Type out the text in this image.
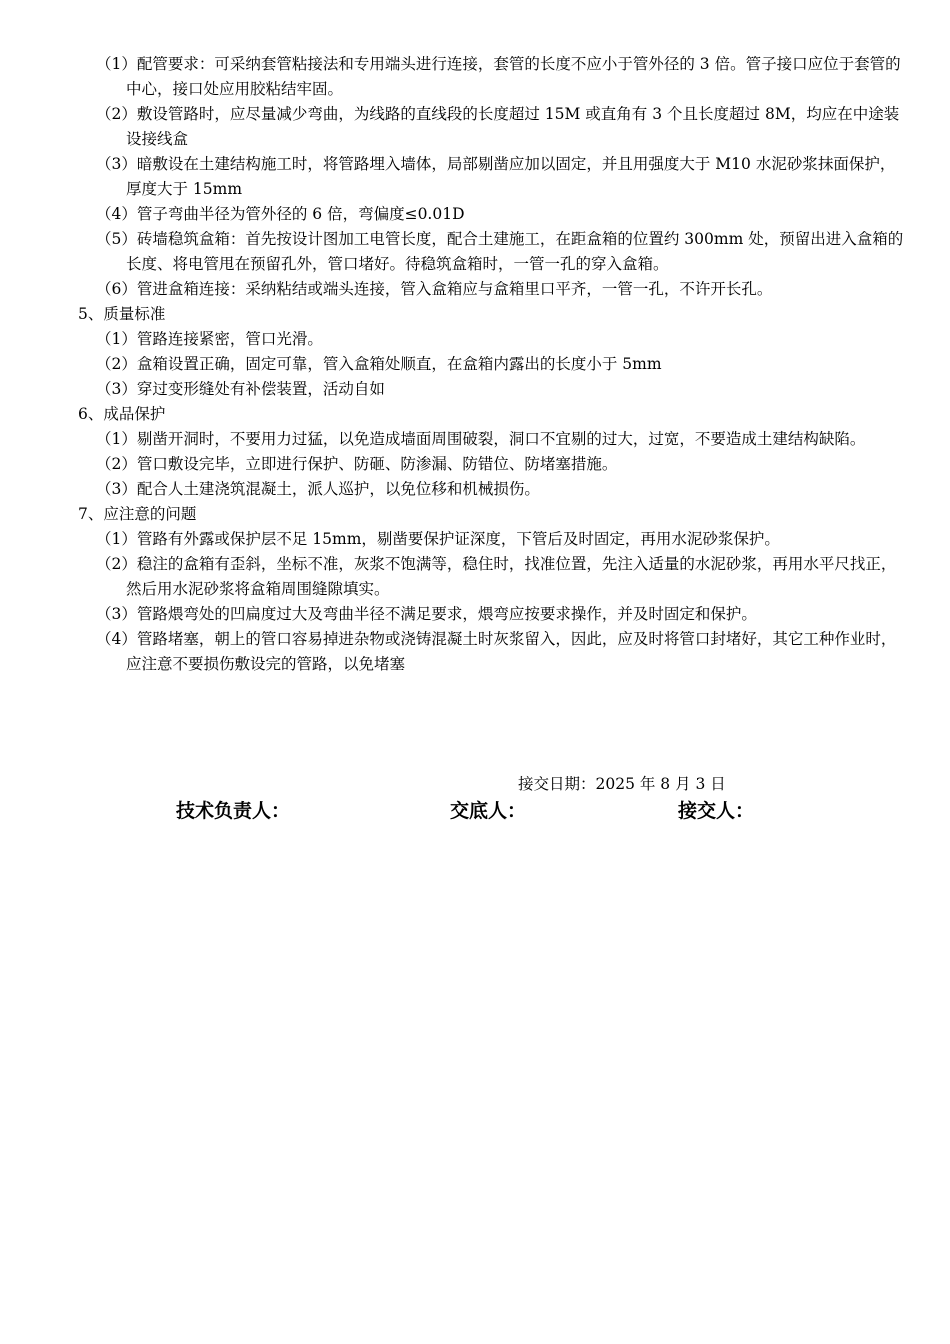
（1）配管要求：可采纳套管粘接法和专用端头进行连接，套管的长度不应小于管外径的 3 倍。管子接口应位于套管的中心，接口处应用胶粘结牢固。

（2）敷设管路时，应尽量减少弯曲，为线路的直线段的长度超过 15M 或直角有 3 个且长度超过 8M，均应在中途装设接线盒

（3）暗敷设在土建结构施工时，将管路埋入墙体，局部剔凿应加以固定，并且用强度大于 M10 水泥砂浆抹面保护，厚度大于 15mm

（4）管子弯曲半径为管外径的 6 倍，弯偏度≤0.01D

（5）砖墙稳筑盒箱：首先按设计图加工电管长度，配合土建施工，在距盒箱的位置约 300mm 处，预留出进入盒箱的长度、将电管甩在预留孔外，管口堵好。待稳筑盒箱时，一管一孔的穿入盒箱。

（6）管进盒箱连接：采纳粘结或端头连接，管入盒箱应与盒箱里口平齐，一管一孔，不许开长孔。

5、质量标准

（1）管路连接紧密，管口光滑。

（2）盒箱设置正确，固定可靠，管入盒箱处顺直，在盒箱内露出的长度小于 5mm

（3）穿过变形缝处有补偿装置，活动自如

6、成品保护

（1）剔凿开洞时，不要用力过猛，以免造成墙面周围破裂，洞口不宜剔的过大，过宽，不要造成土建结构缺陷。

（2）管口敷设完毕，立即进行保护、防砸、防渗漏、防错位、防堵塞措施。

（3）配合人土建浇筑混凝土，派人巡护，以免位移和机械损伤。

7、应注意的问题

（1）管路有外露或保护层不足 15mm，剔凿要保护证深度，下管后及时固定，再用水泥砂浆保护。

（2）稳注的盒箱有歪斜，坐标不准，灰浆不饱满等，稳住时，找准位置，先注入适量的水泥砂浆，再用水平尺找正，然后用水泥砂浆将盒箱周围缝隙填实。

（3）管路煨弯处的凹扁度过大及弯曲半径不满足要求，煨弯应按要求操作，并及时固定和保护。

（4）管路堵塞，朝上的管口容易掉进杂物或浇铸混凝土时灰浆留入，因此，应及时将管口封堵好，其它工种作业时，应注意不要损伤敷设完的管路，以免堵塞

接交日期：2025 年 8 月 3 日
技术负责人：	交底人：	接交人：
